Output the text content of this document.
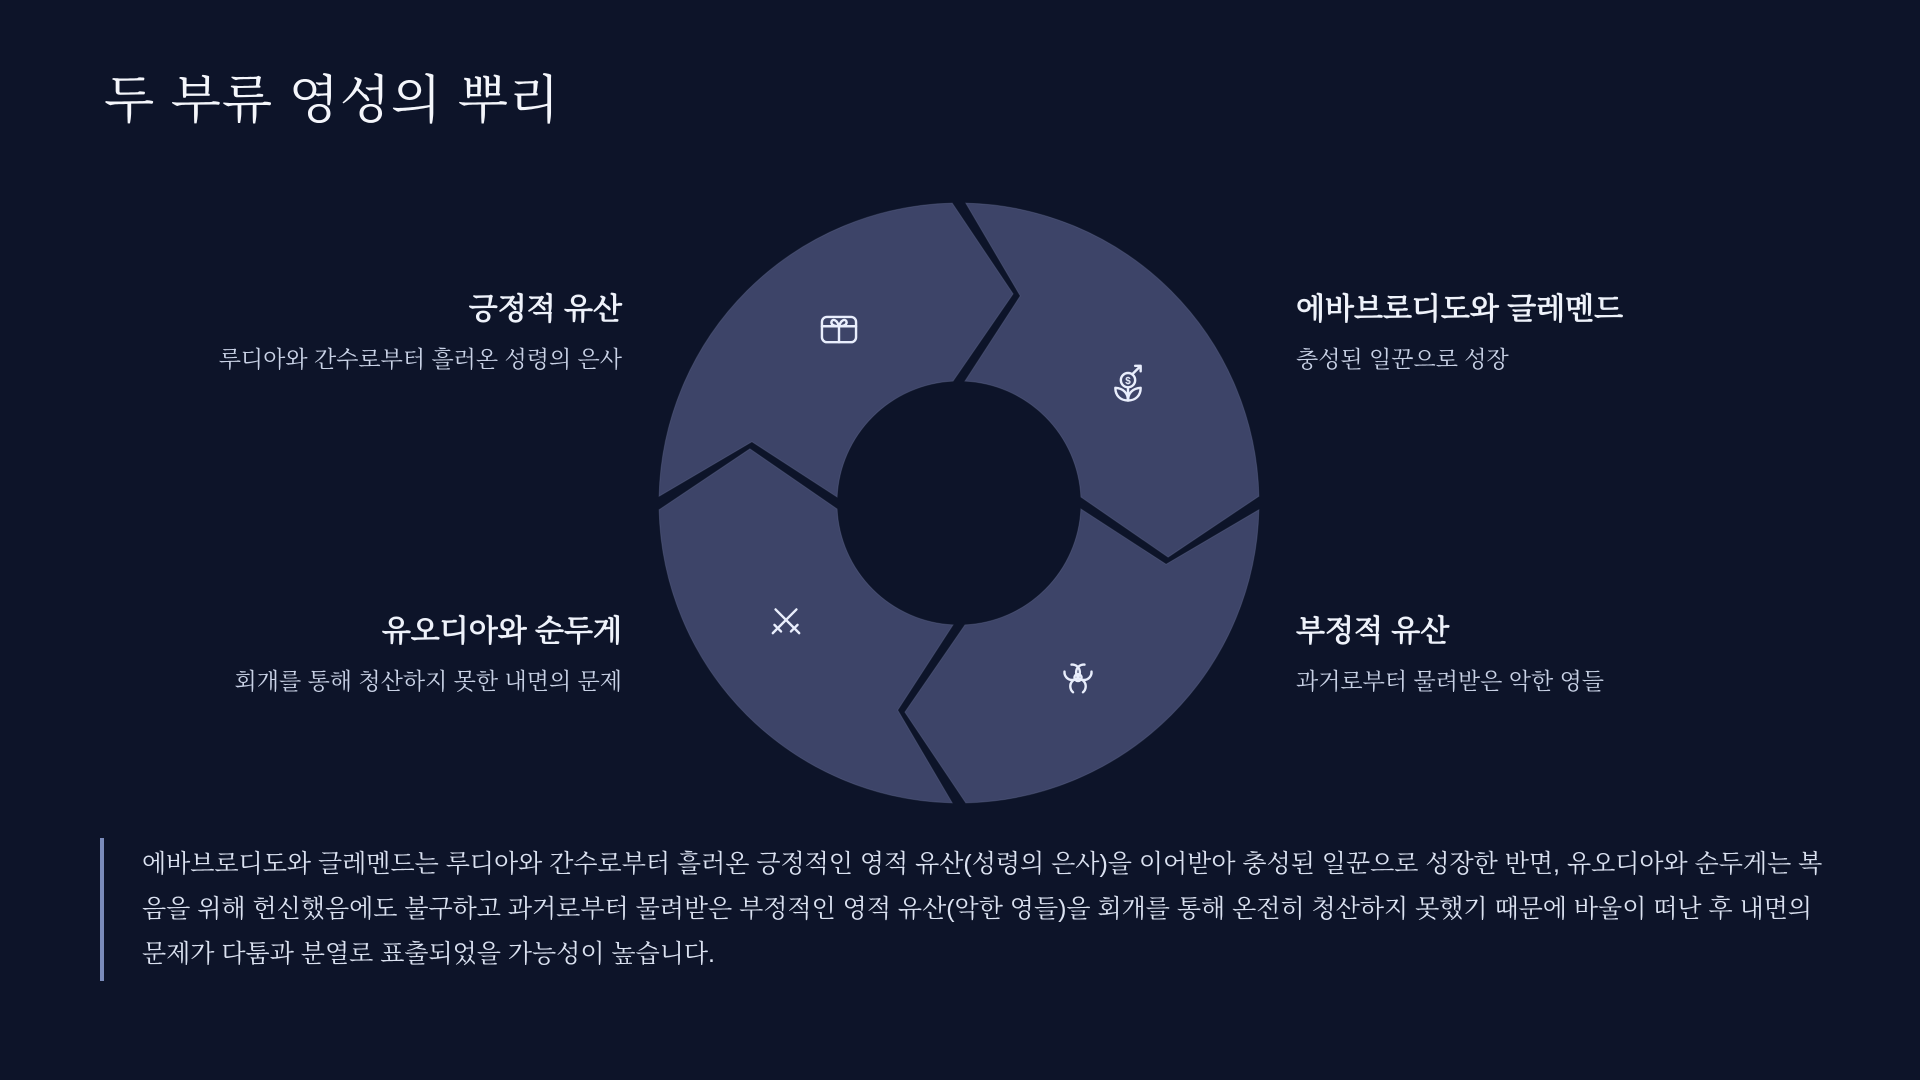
두 부류 영성의 뿌리
$

긍정적 유산

루디아와 간수로부터 흘러온 성령의 은사

에바브로디도와 글레멘드

충성된 일꾼으로 성장

유오디아와 순두게

회개를 통해 청산하지 못한 내면의 문제

부정적 유산

과거로부터 물려받은 악한 영들

에바브로디도와 글레멘드는 루디아와 간수로부터 흘러온 긍정적인 영적 유산(성령의 은사)을 이어받아 충성된 일꾼으로 성장한 반면, 유오디아와 순두게는 복음을 위해 헌신했음에도 불구하고 과거로부터 물려받은 부정적인 영적 유산(악한 영들)을 회개를 통해 온전히 청산하지 못했기 때문에 바울이 떠난 후 내면의 문제가 다툼과 분열로 표출되었을 가능성이 높습니다.
